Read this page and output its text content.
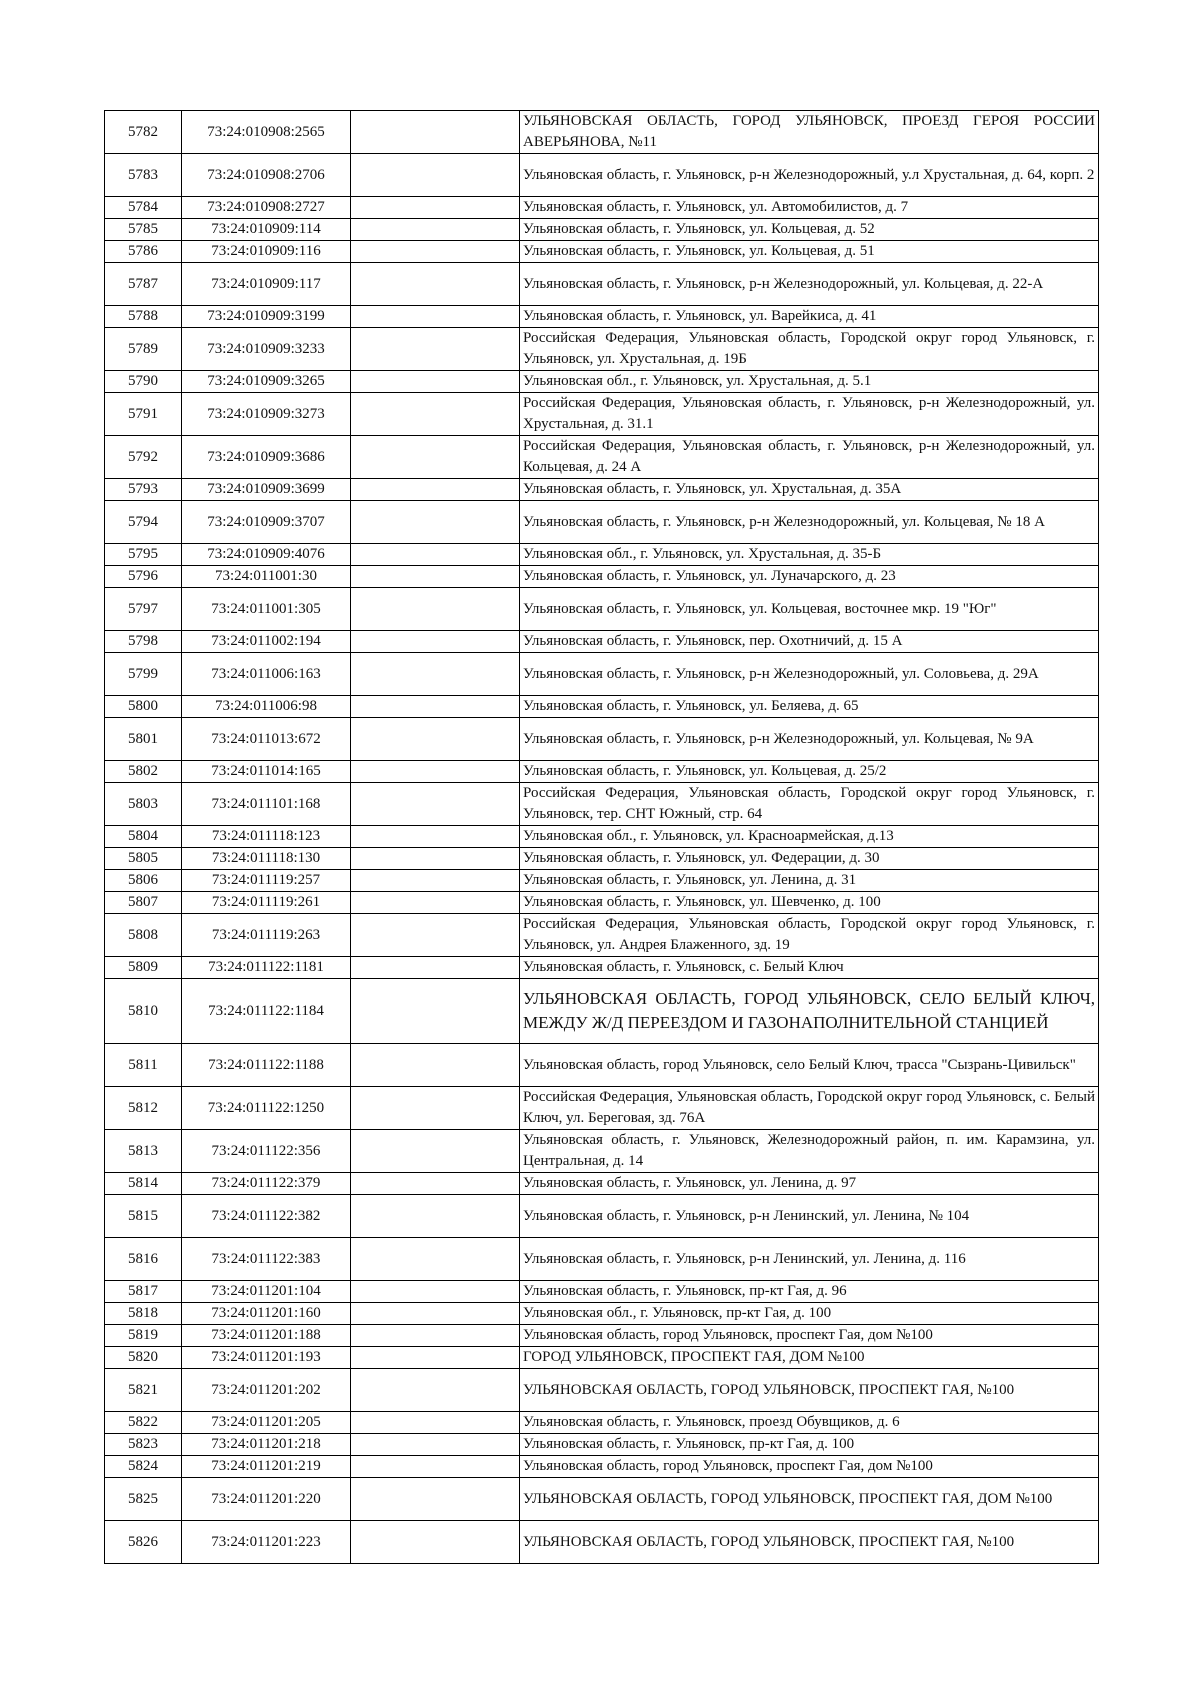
5782	73:24:010908:2565		УЛЬЯНОВСКАЯ ОБЛАСТЬ, ГОРОД УЛЬЯНОВСК, ПРОЕЗД ГЕРОЯ РОССИИ АВЕРЬЯНОВА, №11
5783	73:24:010908:2706		Ульяновская область, г. Ульяновск, р-н Железнодорожный, у.л Хрустальная, д. 64, корп. 2
5784	73:24:010908:2727		Ульяновская область, г. Ульяновск, ул. Автомобилистов, д. 7
5785	73:24:010909:114		Ульяновская область, г. Ульяновск, ул. Кольцевая, д. 52
5786	73:24:010909:116		Ульяновская область, г. Ульяновск, ул. Кольцевая, д. 51
5787	73:24:010909:117		Ульяновская область, г. Ульяновск, р-н Железнодорожный, ул. Кольцевая, д. 22-А
5788	73:24:010909:3199		Ульяновская область, г. Ульяновск, ул. Варейкиса, д. 41
5789	73:24:010909:3233		Российская Федерация, Ульяновская область, Городской округ город Ульяновск, г. Ульяновск, ул. Хрустальная, д. 19Б
5790	73:24:010909:3265		Ульяновская обл., г. Ульяновск, ул. Хрустальная, д. 5.1
5791	73:24:010909:3273		Российская Федерация, Ульяновская область, г. Ульяновск, р-н Железнодорожный, ул. Хрустальная, д. 31.1
5792	73:24:010909:3686		Российская Федерация, Ульяновская область, г. Ульяновск, р-н Железнодорожный, ул. Кольцевая, д. 24 А
5793	73:24:010909:3699		Ульяновская область, г. Ульяновск, ул. Хрустальная, д. 35А
5794	73:24:010909:3707		Ульяновская область, г. Ульяновск, р-н Железнодорожный, ул. Кольцевая, № 18 А
5795	73:24:010909:4076		Ульяновская обл., г. Ульяновск, ул. Хрустальная, д. 35-Б
5796	73:24:011001:30		Ульяновская область, г. Ульяновск, ул. Луначарского, д. 23
5797	73:24:011001:305		Ульяновская область, г. Ульяновск, ул. Кольцевая, восточнее мкр. 19 "Юг"
5798	73:24:011002:194		Ульяновская область, г. Ульяновск, пер. Охотничий, д. 15 А
5799	73:24:011006:163		Ульяновская область, г. Ульяновск, р-н Железнодорожный, ул. Соловьева, д. 29А
5800	73:24:011006:98		Ульяновская область, г. Ульяновск, ул. Беляева, д. 65
5801	73:24:011013:672		Ульяновская область, г. Ульяновск, р-н Железнодорожный, ул. Кольцевая, № 9А
5802	73:24:011014:165		Ульяновская область, г. Ульяновск, ул. Кольцевая, д. 25/2
5803	73:24:011101:168		Российская Федерация, Ульяновская область, Городской округ город Ульяновск, г. Ульяновск, тер. СНТ Южный, стр. 64
5804	73:24:011118:123		Ульяновская обл., г. Ульяновск, ул. Красноармейская, д.13
5805	73:24:011118:130		Ульяновская область, г. Ульяновск, ул. Федерации, д. 30
5806	73:24:011119:257		Ульяновская область, г. Ульяновск, ул. Ленина, д. 31
5807	73:24:011119:261		Ульяновская область, г. Ульяновск, ул. Шевченко, д. 100
5808	73:24:011119:263		Российская Федерация, Ульяновская область, Городской округ город Ульяновск, г. Ульяновск, ул. Андрея Блаженного, зд. 19
5809	73:24:011122:1181		Ульяновская область, г. Ульяновск, с. Белый Ключ
5810	73:24:011122:1184		УЛЬЯНОВСКАЯ ОБЛАСТЬ, ГОРОД УЛЬЯНОВСК, СЕЛО БЕЛЫЙ КЛЮЧ, МЕЖДУ Ж/Д ПЕРЕЕЗДОМ И ГАЗОНАПОЛНИТЕЛЬНОЙ СТАНЦИЕЙ
5811	73:24:011122:1188		Ульяновская область, город Ульяновск, село Белый Ключ, трасса "Сызрань-Цивильск"
5812	73:24:011122:1250		Российская Федерация, Ульяновская область, Городской округ город Ульяновск, с. Белый Ключ, ул. Береговая, зд. 76А
5813	73:24:011122:356		Ульяновская область, г. Ульяновск, Железнодорожный район, п. им. Карамзина, ул. Центральная, д. 14
5814	73:24:011122:379		Ульяновская область, г. Ульяновск, ул. Ленина, д. 97
5815	73:24:011122:382		Ульяновская область, г. Ульяновск, р-н Ленинский, ул. Ленина, № 104
5816	73:24:011122:383		Ульяновская область, г. Ульяновск, р-н Ленинский, ул. Ленина, д. 116
5817	73:24:011201:104		Ульяновская область, г. Ульяновск, пр-кт Гая, д. 96
5818	73:24:011201:160		Ульяновская обл., г. Ульяновск, пр-кт Гая, д. 100
5819	73:24:011201:188		Ульяновская область, город Ульяновск, проспект Гая, дом №100
5820	73:24:011201:193		ГОРОД УЛЬЯНОВСК, ПРОСПЕКТ ГАЯ, ДОМ №100
5821	73:24:011201:202		УЛЬЯНОВСКАЯ ОБЛАСТЬ, ГОРОД УЛЬЯНОВСК, ПРОСПЕКТ ГАЯ, №100
5822	73:24:011201:205		Ульяновская область, г. Ульяновск, проезд Обувщиков, д. 6
5823	73:24:011201:218		Ульяновская область, г. Ульяновск, пр-кт Гая, д. 100
5824	73:24:011201:219		Ульяновская область, город Ульяновск, проспект Гая, дом №100
5825	73:24:011201:220		УЛЬЯНОВСКАЯ ОБЛАСТЬ, ГОРОД УЛЬЯНОВСК, ПРОСПЕКТ ГАЯ, ДОМ №100
5826	73:24:011201:223		УЛЬЯНОВСКАЯ ОБЛАСТЬ, ГОРОД УЛЬЯНОВСК, ПРОСПЕКТ ГАЯ, №100
